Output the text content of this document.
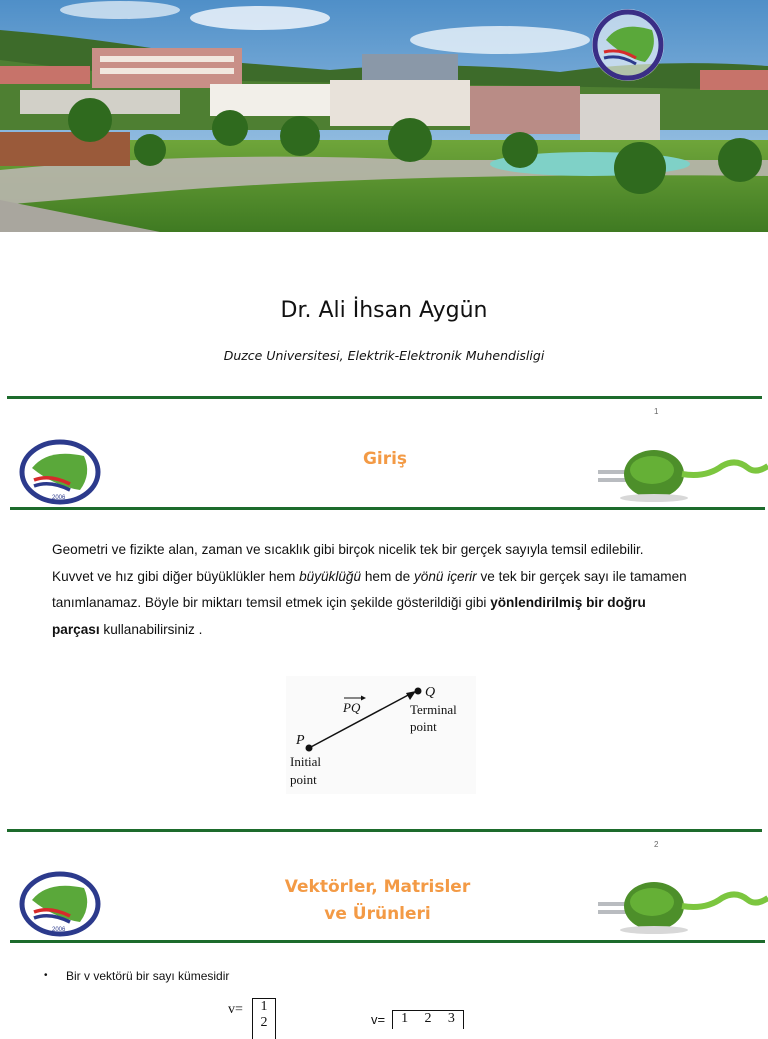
Dr. Ali İhsan Aygün
Duzce Universitesi, Elektrik-Elektronik Muhendisligi
1
2006
Giriş
Geometri ve fizikte alan, zaman ve sıcaklık gibi birçok nicelik tek bir gerçek sayıyla temsil edilebilir.
Kuvvet ve hız gibi diğer büyüklükler hem büyüklüğü hem de yönü içerir ve tek bir gerçek sayı ile tamamen
tanımlanamaz. Böyle bir miktarı temsil etmek için şekilde gösterildiği gibi yönlendirilmiş bir doğru
parçası kullanabilirsiniz .
PQ
P
Q
Terminal
point
Initial
point
2
2006
Vektörler, Matrisler
ve Ürünleri
• Bir v vektörü bir sayı kümesidir
v=	1
2	v= 1 2 3
